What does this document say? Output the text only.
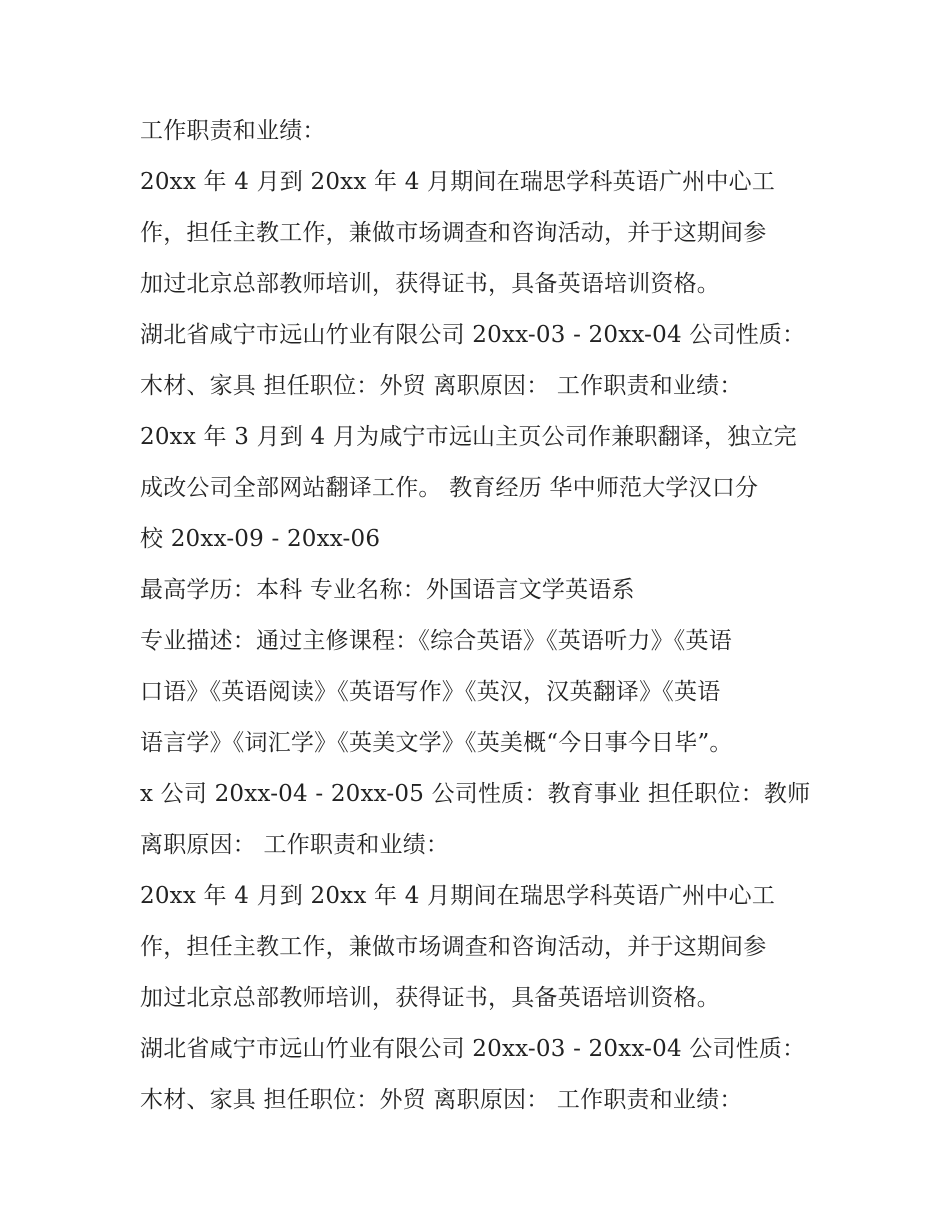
工作职责和业绩：
20xx 年 4 月到 20xx 年 4 月期间在瑞思学科英语广州中心工
作，担任主教工作，兼做市场调查和咨询活动，并于这期间参
加过北京总部教师培训，获得证书，具备英语培训资格。
湖北省咸宁市远山竹业有限公司 20xx-03 - 20xx-04 公司性质：
木材、家具 担任职位：外贸 离职原因： 工作职责和业绩：
20xx 年 3 月到 4 月为咸宁市远山主页公司作兼职翻译，独立完
成改公司全部网站翻译工作。 教育经历 华中师范大学汉口分
校 20xx-09 - 20xx-06
最高学历：本科 专业名称：外国语言文学英语系
专业描述：通过主修课程：《综合英语》《英语听力》《英语
口语》《英语阅读》《英语写作》《英汉，汉英翻译》《英语
语言学》《词汇学》《英美文学》《英美概“今日事今日毕”。
x 公司 20xx-04 - 20xx-05 公司性质：教育事业 担任职位：教师
离职原因： 工作职责和业绩：
20xx 年 4 月到 20xx 年 4 月期间在瑞思学科英语广州中心工
作，担任主教工作，兼做市场调查和咨询活动，并于这期间参
加过北京总部教师培训，获得证书，具备英语培训资格。
湖北省咸宁市远山竹业有限公司 20xx-03 - 20xx-04 公司性质：
木材、家具 担任职位：外贸 离职原因： 工作职责和业绩：
